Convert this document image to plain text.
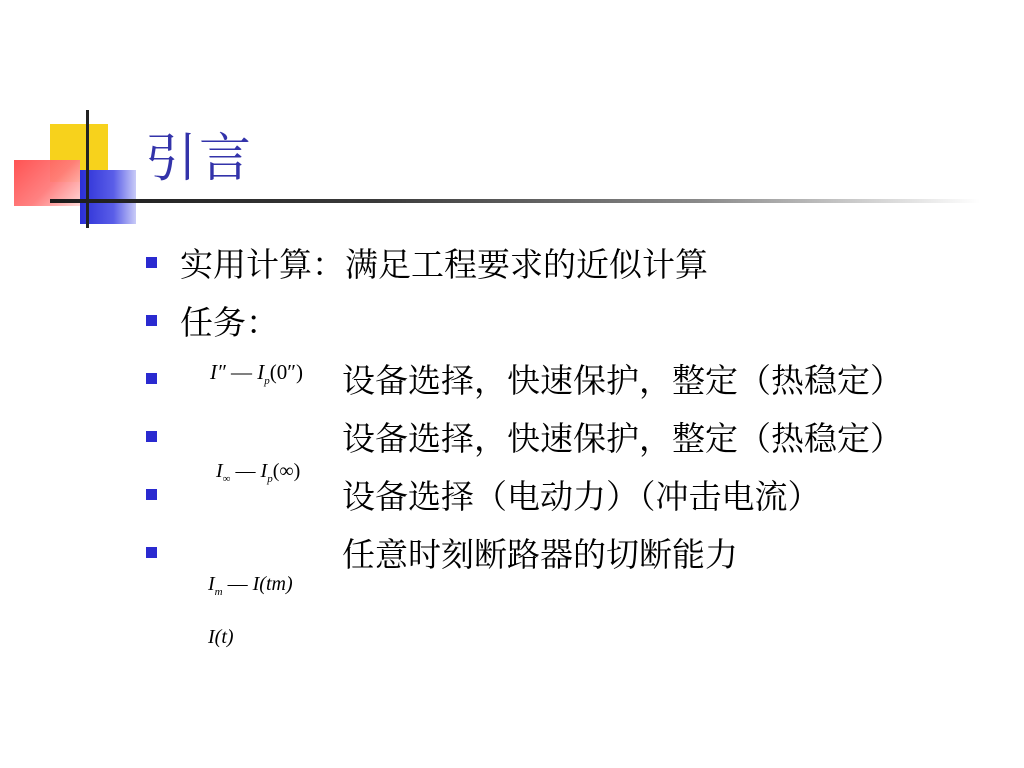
引言
实用计算：满足工程要求的近似计算
任务：
I″ — $I_p(0'')$ 设备选择，快速保护，整定（热稳定）
设备选择，快速保护，整定（热稳定）
$I_\infty$ — $I_p(\infty)$
设备选择（电动力）（冲击电流）
任意时刻断路器的切断能力
$I_m$ — I(tm)
I(t)
